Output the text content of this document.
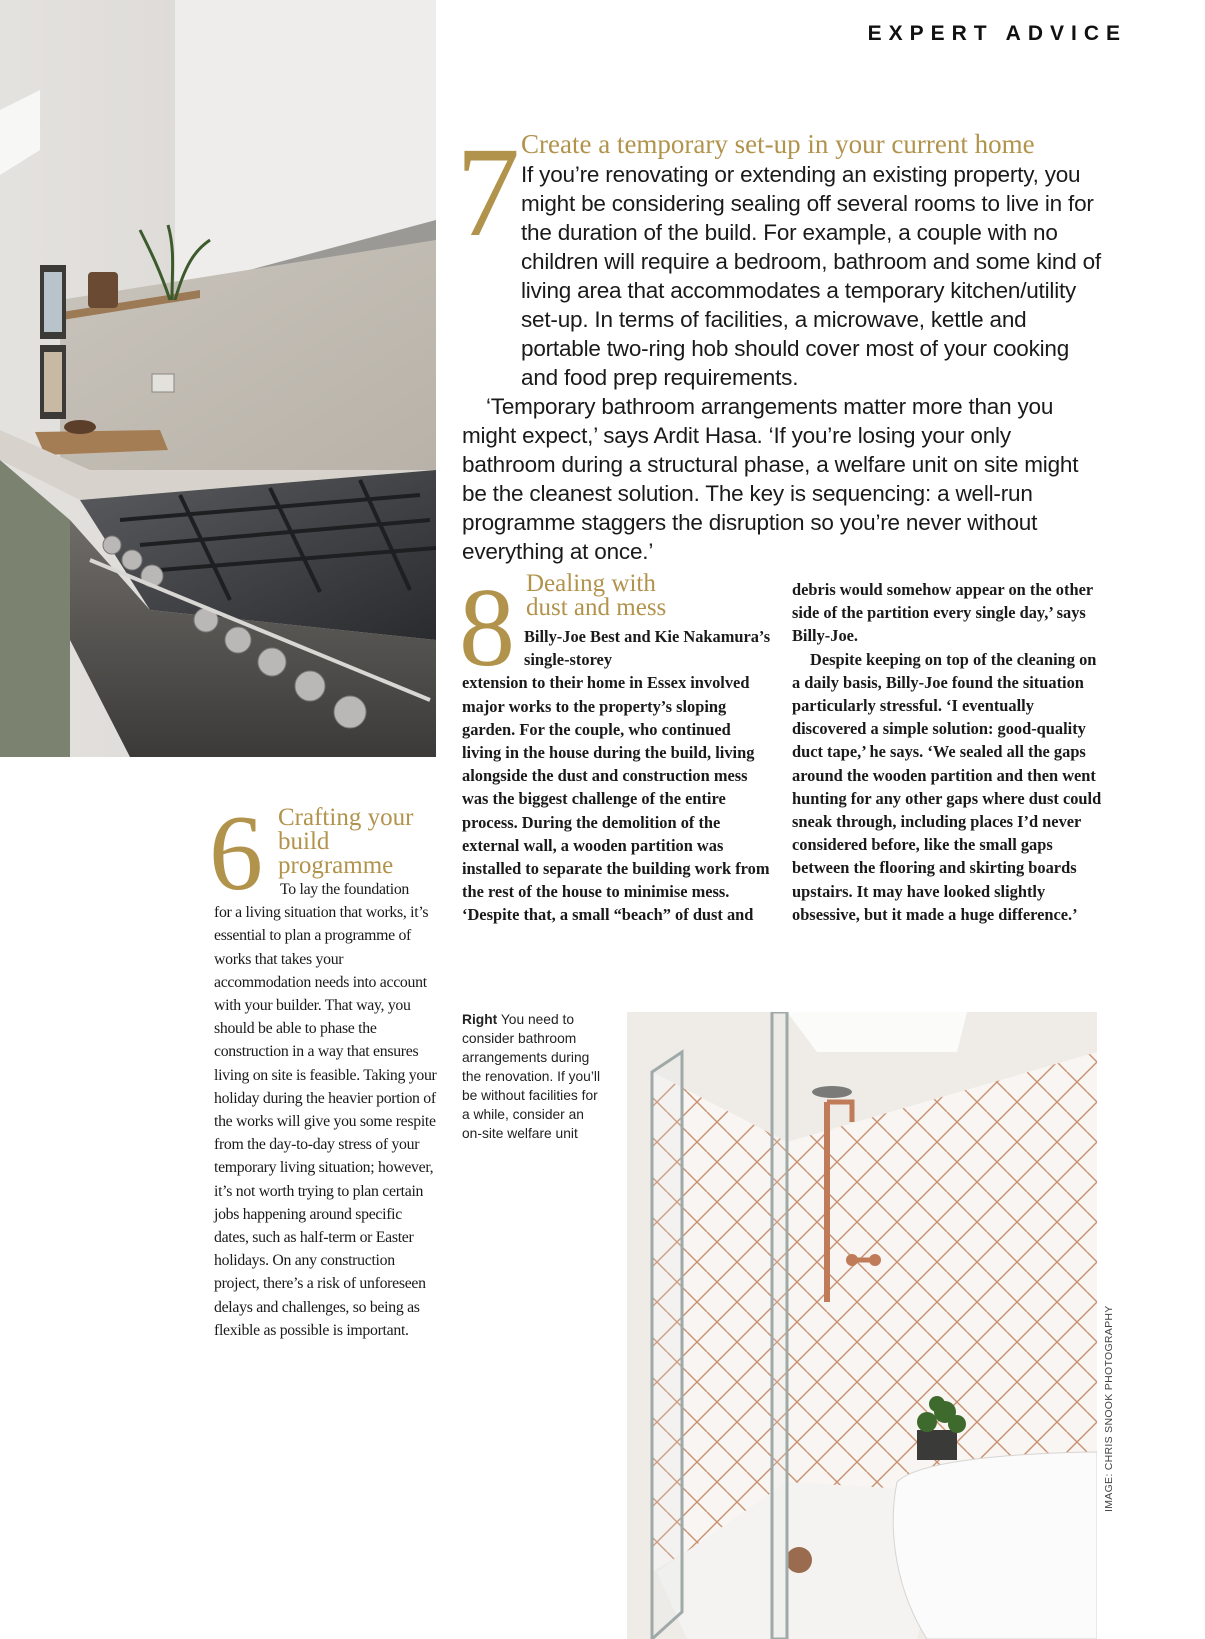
EXPERT ADVICE
7 Create a temporary set-up in your current home

If you’re renovating or extending an existing property, you might be considering sealing off several rooms to live in for the duration of the build. For example, a couple with no children will require a bedroom, bathroom and some kind of living area that accommodates a temporary kitchen/utility set-up. In terms of facilities, a microwave, kettle and portable two-ring hob should cover most of your cooking and food prep requirements.

‘Temporary bathroom arrangements matter more than you might expect,’ says Ardit Hasa. ‘If you’re losing your only bathroom during a structural phase, a welfare unit on site might be the cleanest solution. The key is sequencing: a well-run programme staggers the disruption so you’re never without everything at once.’

8 Dealing with
dust and mess

Billy-Joe Best and Kie Nakamura’s single-storey

extension to their home in Essex involved major works to the property’s sloping garden. For the couple, who continued living in the house during the build, living alongside the dust and construction mess was the biggest challenge of the entire process. During the demolition of the external wall, a wooden partition was installed to separate the building work from the rest of the house to minimise mess. ‘Despite that, a small “beach” of dust and

debris would somehow appear on the other side of the partition every single day,’ says Billy-Joe.

Despite keeping on top of the cleaning on a daily basis, Billy-Joe found the situation particularly stressful. ‘I eventually discovered a simple solution: good-quality duct tape,’ he says. ‘We sealed all the gaps around the wooden partition and then went hunting for any other gaps where dust could sneak through, including places I’d never considered before, like the small gaps between the flooring and skirting boards upstairs. It may have looked slightly obsessive, but it made a huge difference.’

6 Crafting your
build
programme
To lay the foundation
for a living situation that works, it’s essential to plan a programme of works that takes your accommodation needs into account with your builder. That way, you should be able to phase the construction in a way that ensures living on site is feasible. Taking your holiday during the heavier portion of the works will give you some respite from the day-to-day stress of your temporary living situation; however, it’s not worth trying to plan certain jobs happening around specific dates, such as half-term or Easter holidays. On any construction project, there’s a risk of unforeseen delays and challenges, so being as flexible as possible is important.
Right You need to consider bathroom arrangements during the renovation. If you’ll be without facilities for a while, consider an on-site welfare unit
IMAGE: CHRIS SNOOK PHOTOGRAPHY
